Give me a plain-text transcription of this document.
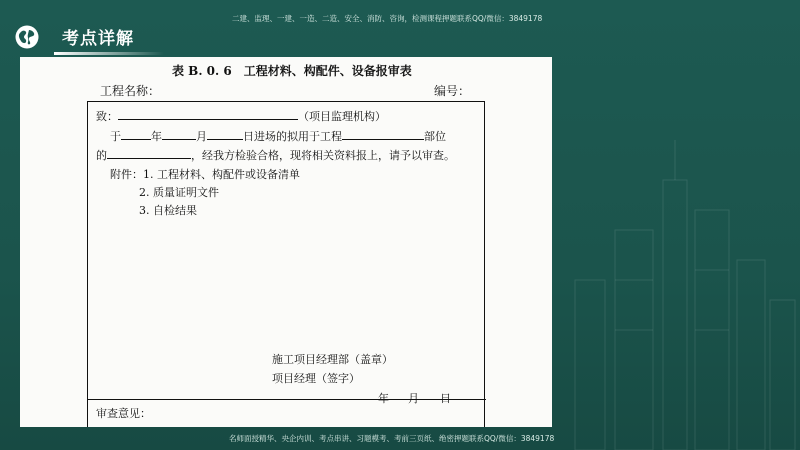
二建、监理、一建、一造、二造、安全、消防、咨询，检测课程押题联系QQ/微信：3849178
考点详解
表 B. 0. 6　工程材料、构配件、设备报审表
工程名称：	编号：
致：	（项目监理机构）
于	年	月	日进场的拟用于工程	部位
的	，经我方检验合格，现将相关资料报上，请予以审查。
附件：1. 工程材料、构配件或设备清单
2. 质量证明文件
3. 自检结果
施工项目经理部（盖章）
项目经理（签字）
年 月 日
审查意见：
名师面授精华、央企内训、考点串讲、习题模考、考前三页纸、绝密押题联系QQ/微信：3849178
